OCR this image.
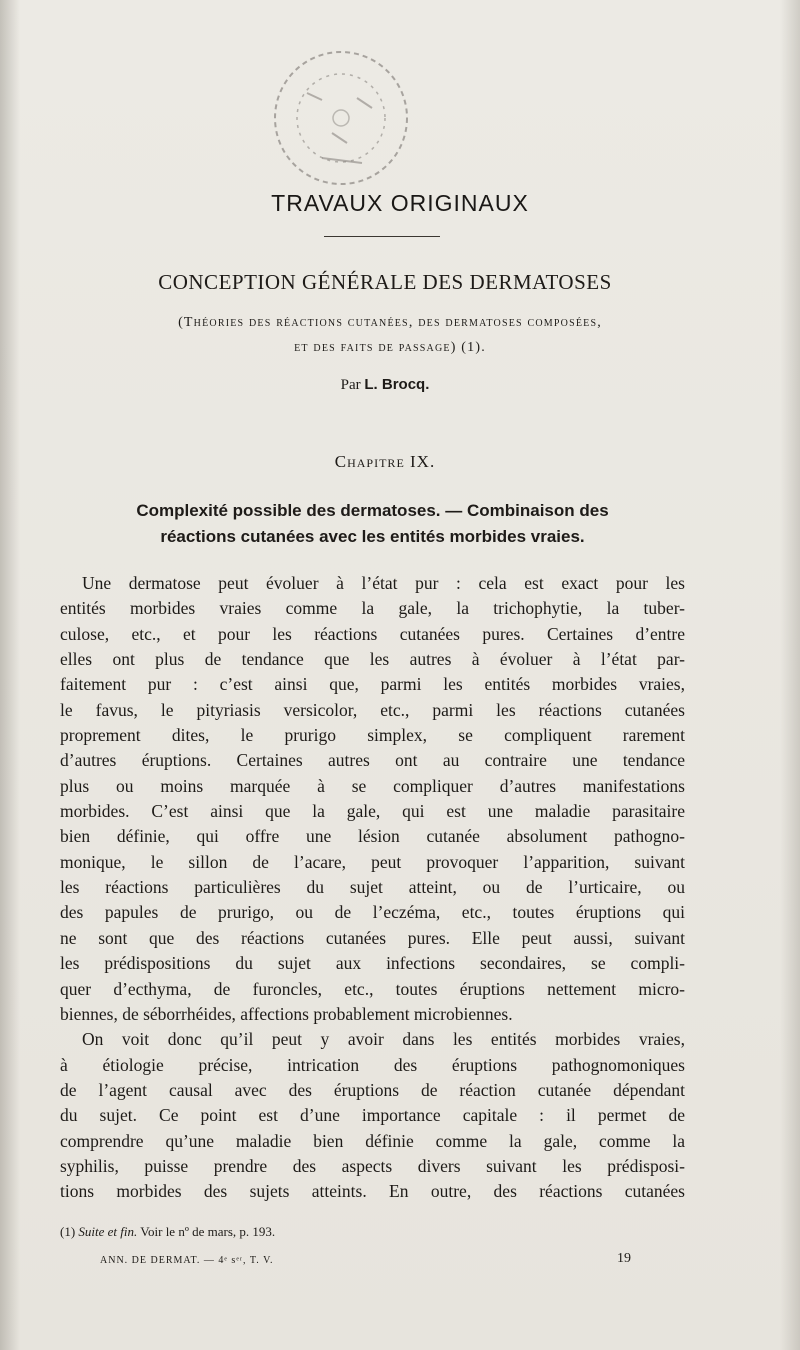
TRAVAUX ORIGINAUX
CONCEPTION GÉNÉRALE DES DERMATOSES
(Théories des réactions cutanées, des dermatoses composées,
et des faits de passage) (1).
Par L. Brocq.
Chapitre IX.
Complexité possible des dermatoses. — Combinaison des
réactions cutanées avec les entités morbides vraies.
Une dermatose peut évoluer à l’état pur : cela est exact pour les
entités morbides vraies comme la gale, la trichophytie, la tuber-
culose, etc., et pour les réactions cutanées pures. Certaines d’entre
elles ont plus de tendance que les autres à évoluer à l’état par-
faitement pur : c’est ainsi que, parmi les entités morbides vraies,
le favus, le pityriasis versicolor, etc., parmi les réactions cutanées
proprement dites, le prurigo simplex, se compliquent rarement
d’autres éruptions. Certaines autres ont au contraire une tendance
plus ou moins marquée à se compliquer d’autres manifestations
morbides. C’est ainsi que la gale, qui est une maladie parasitaire
bien définie, qui offre une lésion cutanée absolument pathogno-
monique, le sillon de l’acare, peut provoquer l’apparition, suivant
les réactions particulières du sujet atteint, ou de l’urticaire, ou
des papules de prurigo, ou de l’eczéma, etc., toutes éruptions qui
ne sont que des réactions cutanées pures. Elle peut aussi, suivant
les prédispositions du sujet aux infections secondaires, se compli-
quer d’ecthyma, de furoncles, etc., toutes éruptions nettement micro-
biennes, de séborrhéides, affections probablement microbiennes.
On voit donc qu’il peut y avoir dans les entités morbides vraies,
à étiologie précise, intrication des éruptions pathognomoniques
de l’agent causal avec des éruptions de réaction cutanée dépendant
du sujet. Ce point est d’une importance capitale : il permet de
comprendre qu’une maladie bien définie comme la gale, comme la
syphilis, puisse prendre des aspects divers suivant les prédisposi-
tions morbides des sujets atteints. En outre, des réactions cutanées
(1) Suite et fin. Voir le nº de mars, p. 193.
ANN. DE DERMAT. — 4ᵉ sᵉʳ, T. V.	19
